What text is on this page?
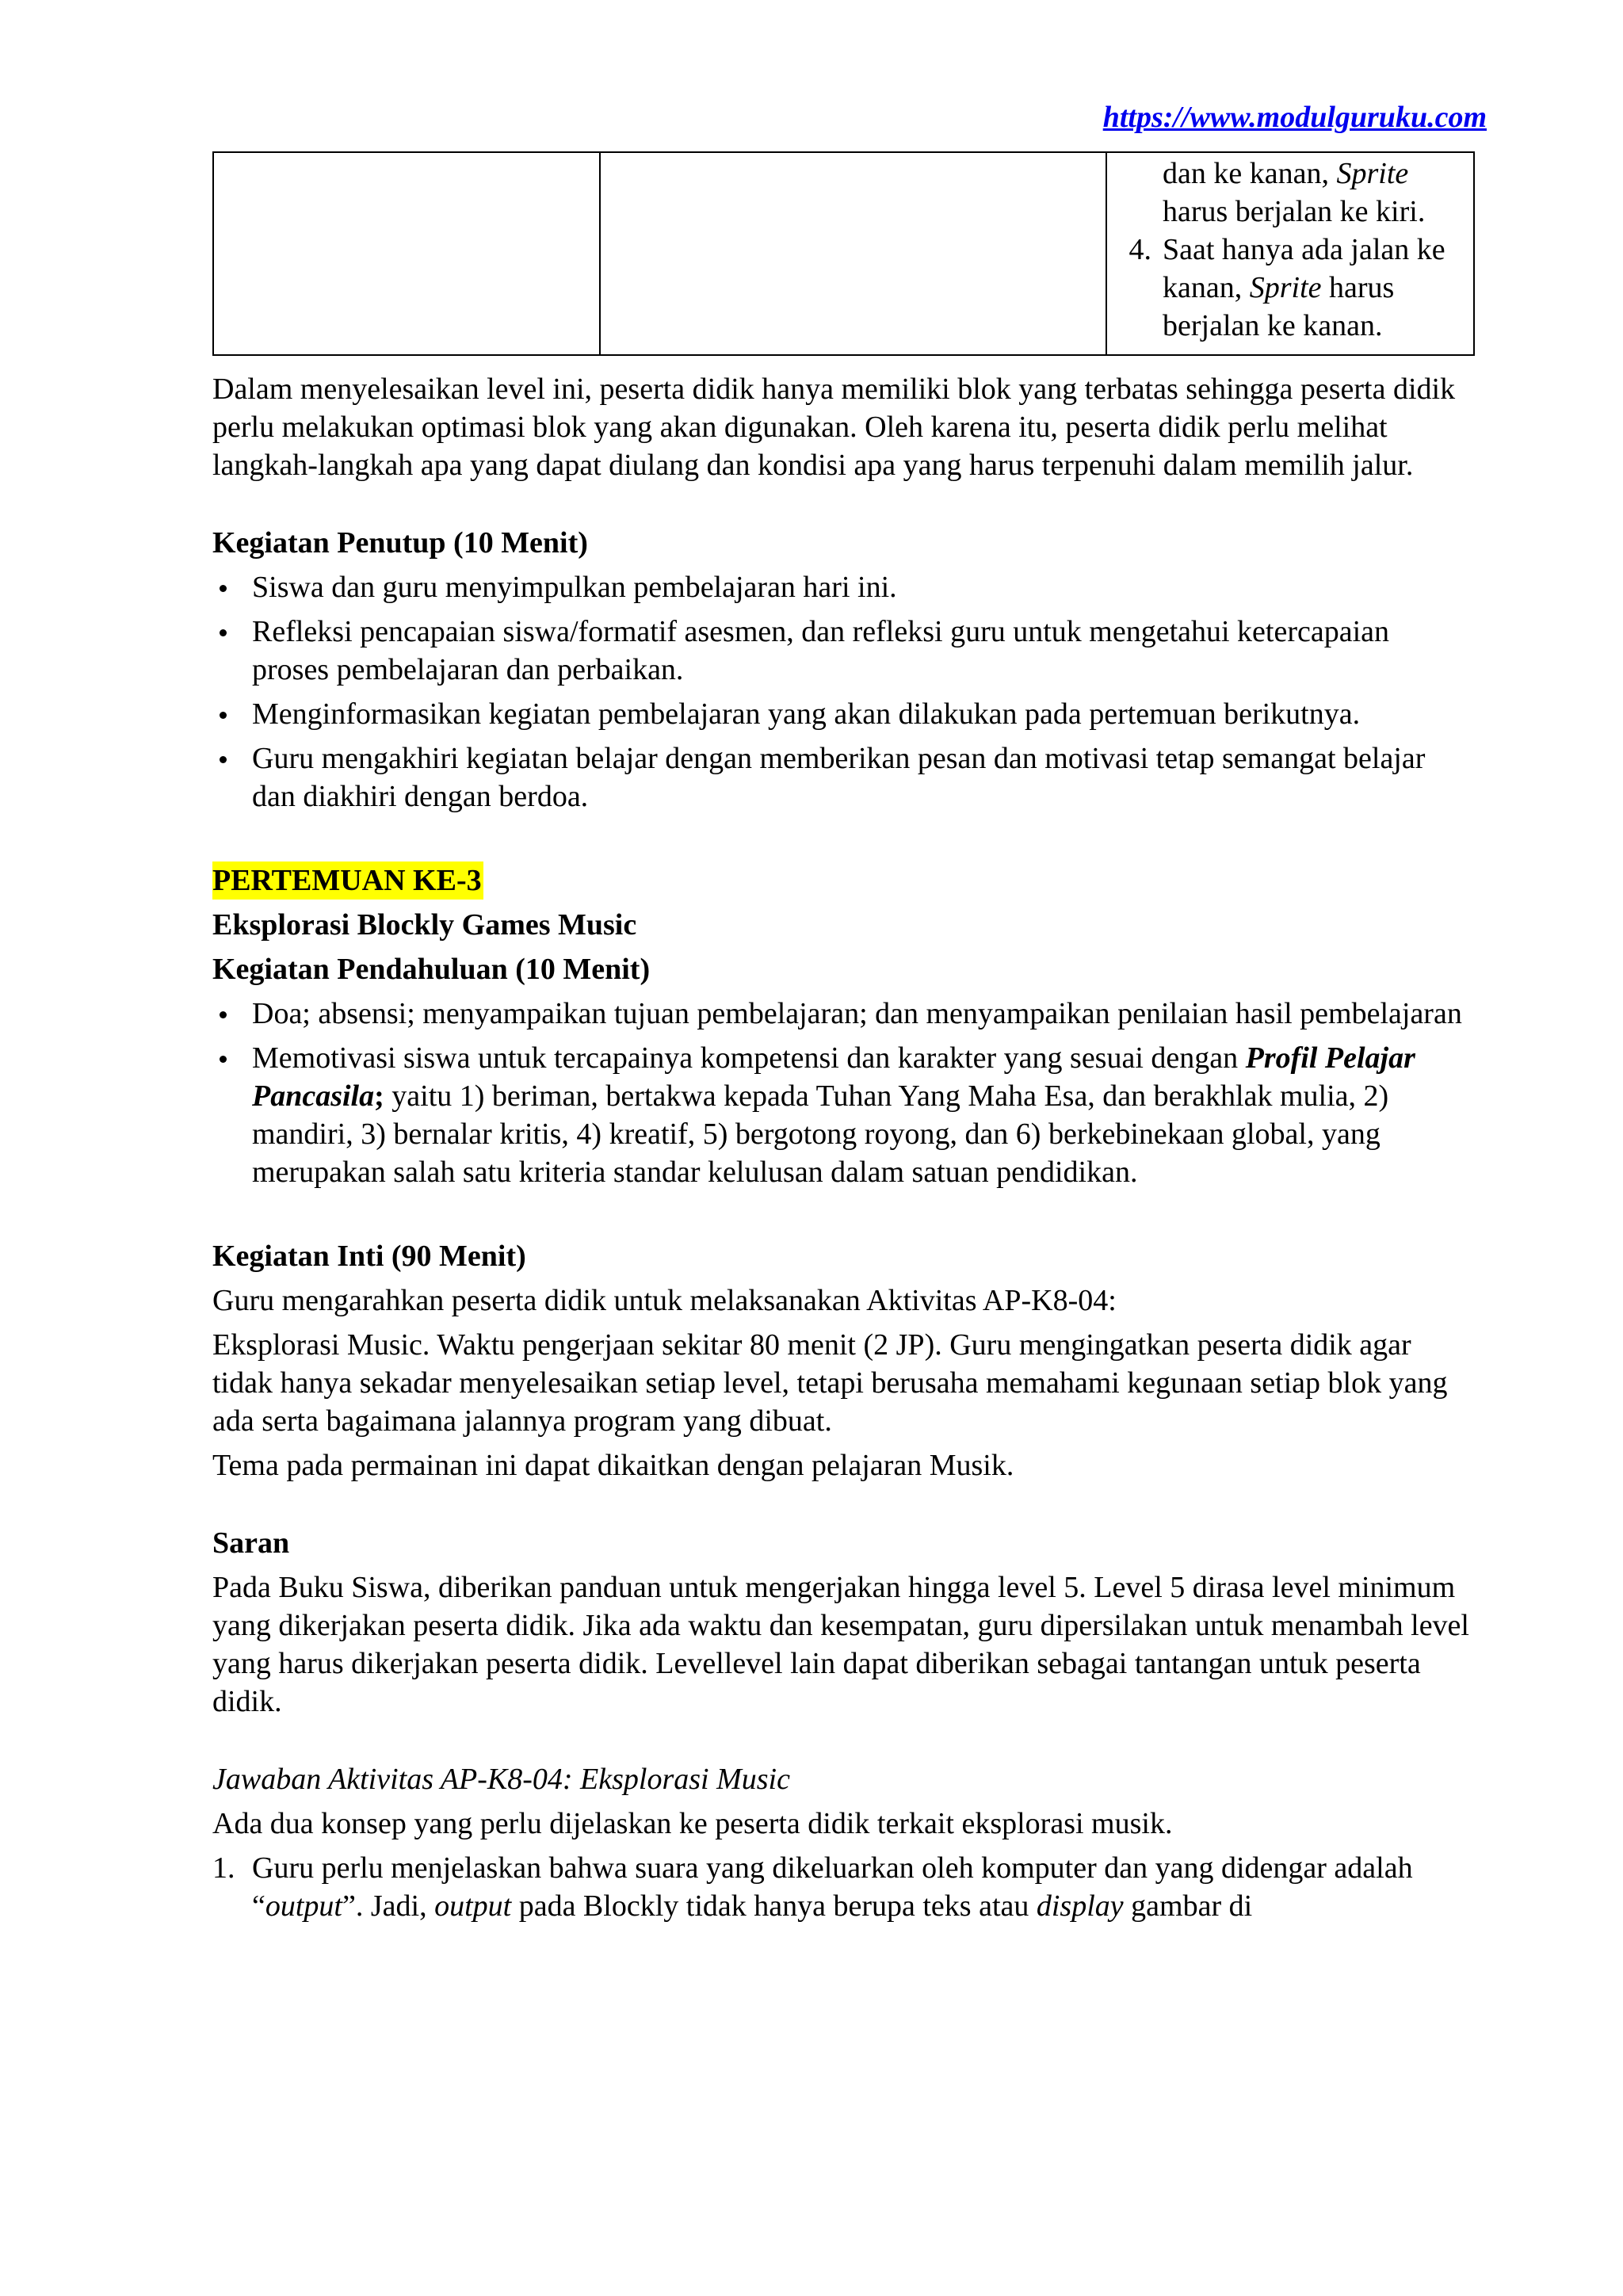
https://www.modulguruku.com

dan ke kanan, Sprite
harus berjalan ke kiri.
4. Saat hanya ada jalan ke kanan, Sprite harus berjalan ke kanan.

Dalam menyelesaikan level ini, peserta didik hanya memiliki blok yang terbatas sehingga peserta didik perlu melakukan optimasi blok yang akan digunakan. Oleh karena itu, peserta didik perlu melihat langkah-langkah apa yang dapat diulang dan kondisi apa yang harus terpenuhi dalam memilih jalur.

Kegiatan Penutup (10 Menit)

Siswa dan guru menyimpulkan pembelajaran hari ini.
Refleksi pencapaian siswa/formatif asesmen, dan refleksi guru untuk mengetahui ketercapaian proses pembelajaran dan perbaikan.
Menginformasikan kegiatan pembelajaran yang akan dilakukan pada pertemuan berikutnya.
Guru mengakhiri kegiatan belajar dengan memberikan pesan dan motivasi tetap semangat belajar dan diakhiri dengan berdoa.

PERTEMUAN KE-3

Eksplorasi Blockly Games Music

Kegiatan Pendahuluan (10 Menit)

Doa; absensi; menyampaikan tujuan pembelajaran; dan menyampaikan penilaian hasil pembelajaran
Memotivasi siswa untuk tercapainya kompetensi dan karakter yang sesuai dengan Profil Pelajar Pancasila; yaitu 1) beriman, bertakwa kepada Tuhan Yang Maha Esa, dan berakhlak mulia, 2) mandiri, 3) bernalar kritis, 4) kreatif, 5) bergotong royong, dan 6) berkebinekaan global, yang merupakan salah satu kriteria standar kelulusan dalam satuan pendidikan.

Kegiatan Inti (90 Menit)

Guru mengarahkan peserta didik untuk melaksanakan Aktivitas AP-K8-04:

Eksplorasi Music. Waktu pengerjaan sekitar 80 menit (2 JP). Guru mengingatkan peserta didik agar tidak hanya sekadar menyelesaikan setiap level, tetapi berusaha memahami kegunaan setiap blok yang ada serta bagaimana jalannya program yang dibuat.

Tema pada permainan ini dapat dikaitkan dengan pelajaran Musik.

Saran

Pada Buku Siswa, diberikan panduan untuk mengerjakan hingga level 5. Level 5 dirasa level minimum yang dikerjakan peserta didik. Jika ada waktu dan kesempatan, guru dipersilakan untuk menambah level yang harus dikerjakan peserta didik. Levellevel lain dapat diberikan sebagai tantangan untuk peserta didik.

Jawaban Aktivitas AP-K8-04: Eksplorasi Music

Ada dua konsep yang perlu dijelaskan ke peserta didik terkait eksplorasi musik.

1. Guru perlu menjelaskan bahwa suara yang dikeluarkan oleh komputer dan yang didengar adalah “output”. Jadi, output pada Blockly tidak hanya berupa teks atau display gambar di
